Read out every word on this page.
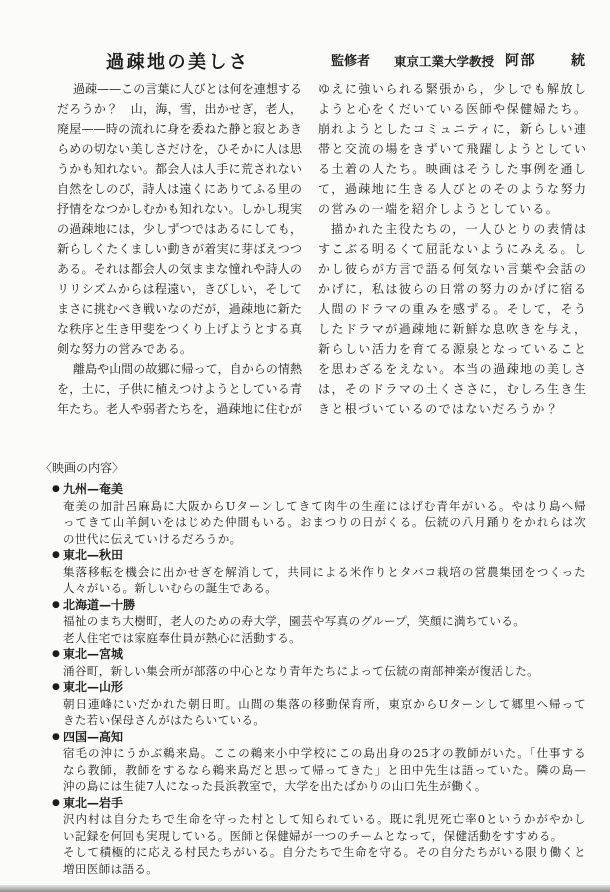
過疎地の美しさ	監修者 東京工業大学教授 阿部	統
過疎——この言葉に人びとは何を連想する
だろうか？　山，海，雪，出かせぎ，老人，
廃屋——時の流れに身を委ねた静と寂とあき
らめの切ない美しさだけを，ひそかに人は思
うかも知れない。都会人は人手に荒されない
自然をしのび，詩人は遠くにありてふる里の
抒情をなつかしむかも知れない。しかし現実
の過疎地には，少しずつではあるにしても，
新らしくたくましい動きが着実に芽ばえつつ
ある。それは都会人の気ままな憧れや詩人の
リリシズムからは程遠い，きびしい，そして
まさに挑むべき戦いなのだが，過疎地に新た
な秩序と生き甲斐をつくり上げようとする真
剣な努力の営みである。
離島や山間の故郷に帰って，自からの情熱
を，土に，子供に植えつけようとしている青
年たち。老人や弱者たちを，過疎地に住むが
ゆえに強いられる緊張から，少しでも解放し
ようと心をくだいている医師や保健婦たち。
崩れようとしたコミュニティに，新らしい連
帯と交流の場をきずいて飛躍しようとしてい
る土着の人たち。映画はそうした事例を通し
て，過疎地に生きる人びとのそのような努力
の営みの一端を紹介しようとしている。
描かれた主役たちの，一人ひとりの表情は
すこぶる明るくて屈託ないようにみえる。し
かし彼らが方言で語る何気ない言葉や会話の
かげに，私は彼らの日常の努力のかげに宿る
人間のドラマの重みを感ずる。そして，そう
したドラマが過疎地に新鮮な息吹きを与え，
新らしい活力を育てる源泉となっていること
を思わざるをえない。本当の過疎地の美しさ
は，そのドラマの土くささに，むしろ生き生
きと根づいているのではないだろうか？
〈映画の内容〉
● 九州—奄美
奄美の加計呂麻島に大阪からUターンしてきて肉牛の生産にはげむ青年がいる。やはり島へ帰
ってきて山羊飼いをはじめた仲間もいる。おまつりの日がくる。伝統の八月踊りをかれらは次
の世代に伝えていけるだろうか。
● 東北—秋田
集落移転を機会に出かせぎを解消して，共同による米作りとタバコ栽培の営農集団をつくった
人々がいる。新しいむらの誕生である。
● 北海道—十勝
福祉のまち大樹町，老人のための寿大学，園芸や写真のグループ，笑顔に満ちている。
老人住宅では家庭奉仕員が熱心に活動する。
● 東北—宮城
涌谷町，新しい集会所が部落の中心となり青年たちによって伝統の南部神楽が復活した。
● 東北—山形
朝日連峰にいだかれた朝日町。山間の集落の移動保育所，東京からUターンして郷里へ帰って
きた若い保母さんがはたらいている。
● 四国—高知
宿毛の沖にうかぶ鵜来島。ここの鵜来小中学校にこの島出身の25才の教師がいた。「仕事する
なら教師，教師をするなら鵜来島だと思って帰ってきた」と田中先生は語っていた。隣の島—
沖の島には生徒7人になった長浜教室で，大学を出たばかりの山口先生が働く。
● 東北—岩手
沢内村は自分たちで生命を守った村として知られている。既に乳児死亡率0というかがやかし
い記録を何回も実現している。医師と保健婦が一つのチームとなって，保健活動をすすめる。
そして積極的に応える村民たちがいる。自分たちで生命を守る。その自分たちがいる限り働くと
増田医師は語る。
